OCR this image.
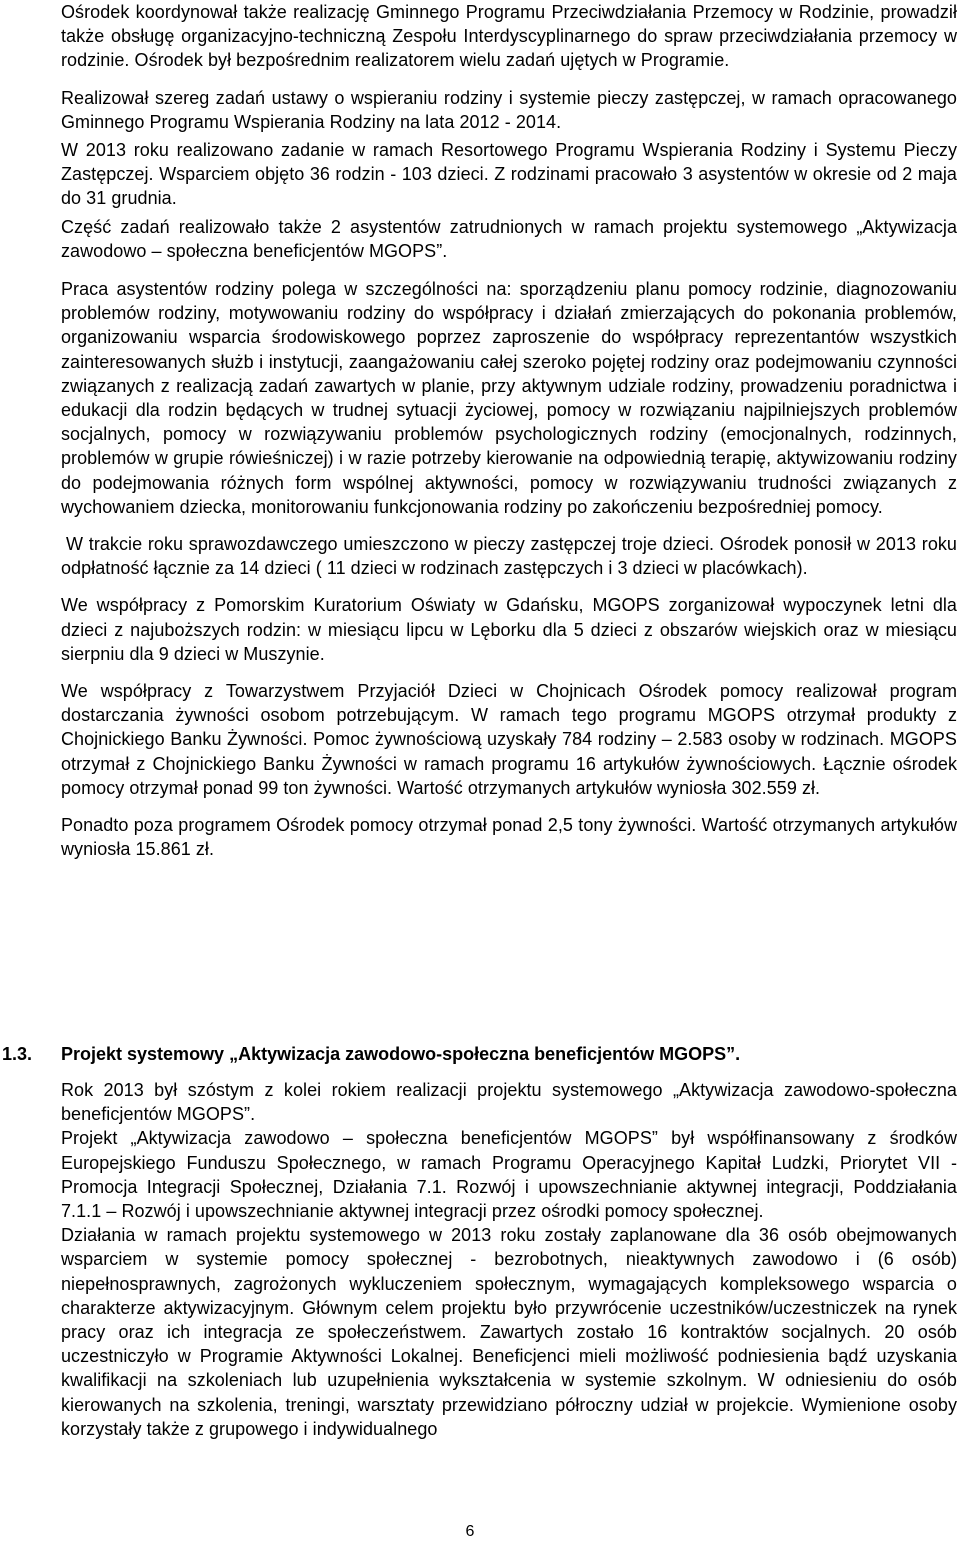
Ośrodek koordynował także realizację Gminnego Programu Przeciwdziałania Przemocy w Rodzinie, prowadził także obsługę organizacyjno-techniczną Zespołu Interdyscyplinarnego do spraw przeciwdziałania przemocy w rodzinie. Ośrodek był bezpośrednim realizatorem wielu zadań ujętych w Programie.

Realizował szereg zadań ustawy o wspieraniu rodziny i systemie pieczy zastępczej, w ramach opracowanego Gminnego Programu Wspierania Rodziny na lata 2012 - 2014.

W 2013 roku realizowano zadanie w ramach Resortowego Programu Wspierania Rodziny i Systemu Pieczy Zastępczej. Wsparciem objęto 36 rodzin - 103 dzieci. Z rodzinami pracowało 3 asystentów w okresie od 2 maja do 31 grudnia.

Część zadań realizowało także 2 asystentów zatrudnionych w ramach projektu systemowego „Aktywizacja zawodowo – społeczna beneficjentów MGOPS”.

Praca asystentów rodziny polega w szczególności na: sporządzeniu planu pomocy rodzinie, diagnozowaniu problemów rodziny, motywowaniu rodziny do współpracy i działań zmierzających do pokonania problemów, organizowaniu wsparcia środowiskowego poprzez zaproszenie do współpracy reprezentantów wszystkich zainteresowanych służb i instytucji, zaangażowaniu całej szeroko pojętej rodziny oraz podejmowaniu czynności związanych z realizacją zadań zawartych w planie, przy aktywnym udziale rodziny, prowadzeniu poradnictwa i edukacji dla rodzin będących w trudnej sytuacji życiowej, pomocy w rozwiązaniu najpilniejszych problemów socjalnych, pomocy w rozwiązywaniu problemów psychologicznych rodziny (emocjonalnych, rodzinnych, problemów w grupie rówieśniczej) i w razie potrzeby kierowanie na odpowiednią terapię, aktywizowaniu rodziny do podejmowania różnych form wspólnej aktywności, pomocy w rozwiązywaniu trudności związanych z wychowaniem dziecka, monitorowaniu funkcjonowania rodziny po zakończeniu bezpośredniej pomocy.

W trakcie roku sprawozdawczego umieszczono w pieczy zastępczej troje dzieci. Ośrodek ponosił w 2013 roku odpłatność łącznie za 14 dzieci ( 11 dzieci w rodzinach zastępczych i 3 dzieci w placówkach).

We współpracy z Pomorskim Kuratorium Oświaty w Gdańsku, MGOPS zorganizował wypoczynek letni dla dzieci z najuboższych rodzin: w miesiącu lipcu w Lęborku dla 5 dzieci z obszarów wiejskich oraz w miesiącu sierpniu dla 9 dzieci w Muszynie.

We współpracy z Towarzystwem Przyjaciół Dzieci w Chojnicach Ośrodek pomocy realizował program dostarczania żywności osobom potrzebującym. W ramach tego programu MGOPS otrzymał produkty z Chojnickiego Banku Żywności. Pomoc żywnościową uzyskały 784 rodziny – 2.583 osoby w rodzinach. MGOPS otrzymał z Chojnickiego Banku Żywności w ramach programu 16 artykułów żywnościowych. Łącznie ośrodek pomocy otrzymał ponad 99 ton żywności. Wartość otrzymanych artykułów wyniosła 302.559 zł.

Ponadto poza programem Ośrodek pomocy otrzymał ponad 2,5 tony żywności. Wartość otrzymanych artykułów wyniosła 15.861 zł.

1.3. Projekt systemowy „Aktywizacja zawodowo-społeczna beneficjentów MGOPS”.

Rok 2013 był szóstym z kolei rokiem realizacji projektu systemowego „Aktywizacja zawodowo-społeczna beneficjentów MGOPS”.

Projekt „Aktywizacja zawodowo – społeczna beneficjentów MGOPS” był współfinansowany z środków Europejskiego Funduszu Społecznego, w ramach Programu Operacyjnego Kapitał Ludzki, Priorytet VII - Promocja Integracji Społecznej, Działania 7.1. Rozwój i upowszechnianie aktywnej integracji, Poddziałania 7.1.1 – Rozwój i upowszechnianie aktywnej integracji przez ośrodki pomocy społecznej.

Działania w ramach projektu systemowego w 2013 roku zostały zaplanowane dla 36 osób obejmowanych wsparciem w systemie pomocy społecznej - bezrobotnych, nieaktywnych zawodowo i (6 osób) niepełnosprawnych, zagrożonych wykluczeniem społecznym, wymagających kompleksowego wsparcia o charakterze aktywizacyjnym. Głównym celem projektu było przywrócenie uczestników/uczestniczek na rynek pracy oraz ich integracja ze społeczeństwem. Zawartych zostało 16 kontraktów socjalnych. 20 osób uczestniczyło w Programie Aktywności Lokalnej. Beneficjenci mieli możliwość podniesienia bądź uzyskania kwalifikacji na szkoleniach lub uzupełnienia wykształcenia w systemie szkolnym. W odniesieniu do osób kierowanych na szkolenia, treningi, warsztaty przewidziano półroczny udział w projekcie. Wymienione osoby korzystały także z grupowego i indywidualnego

6
